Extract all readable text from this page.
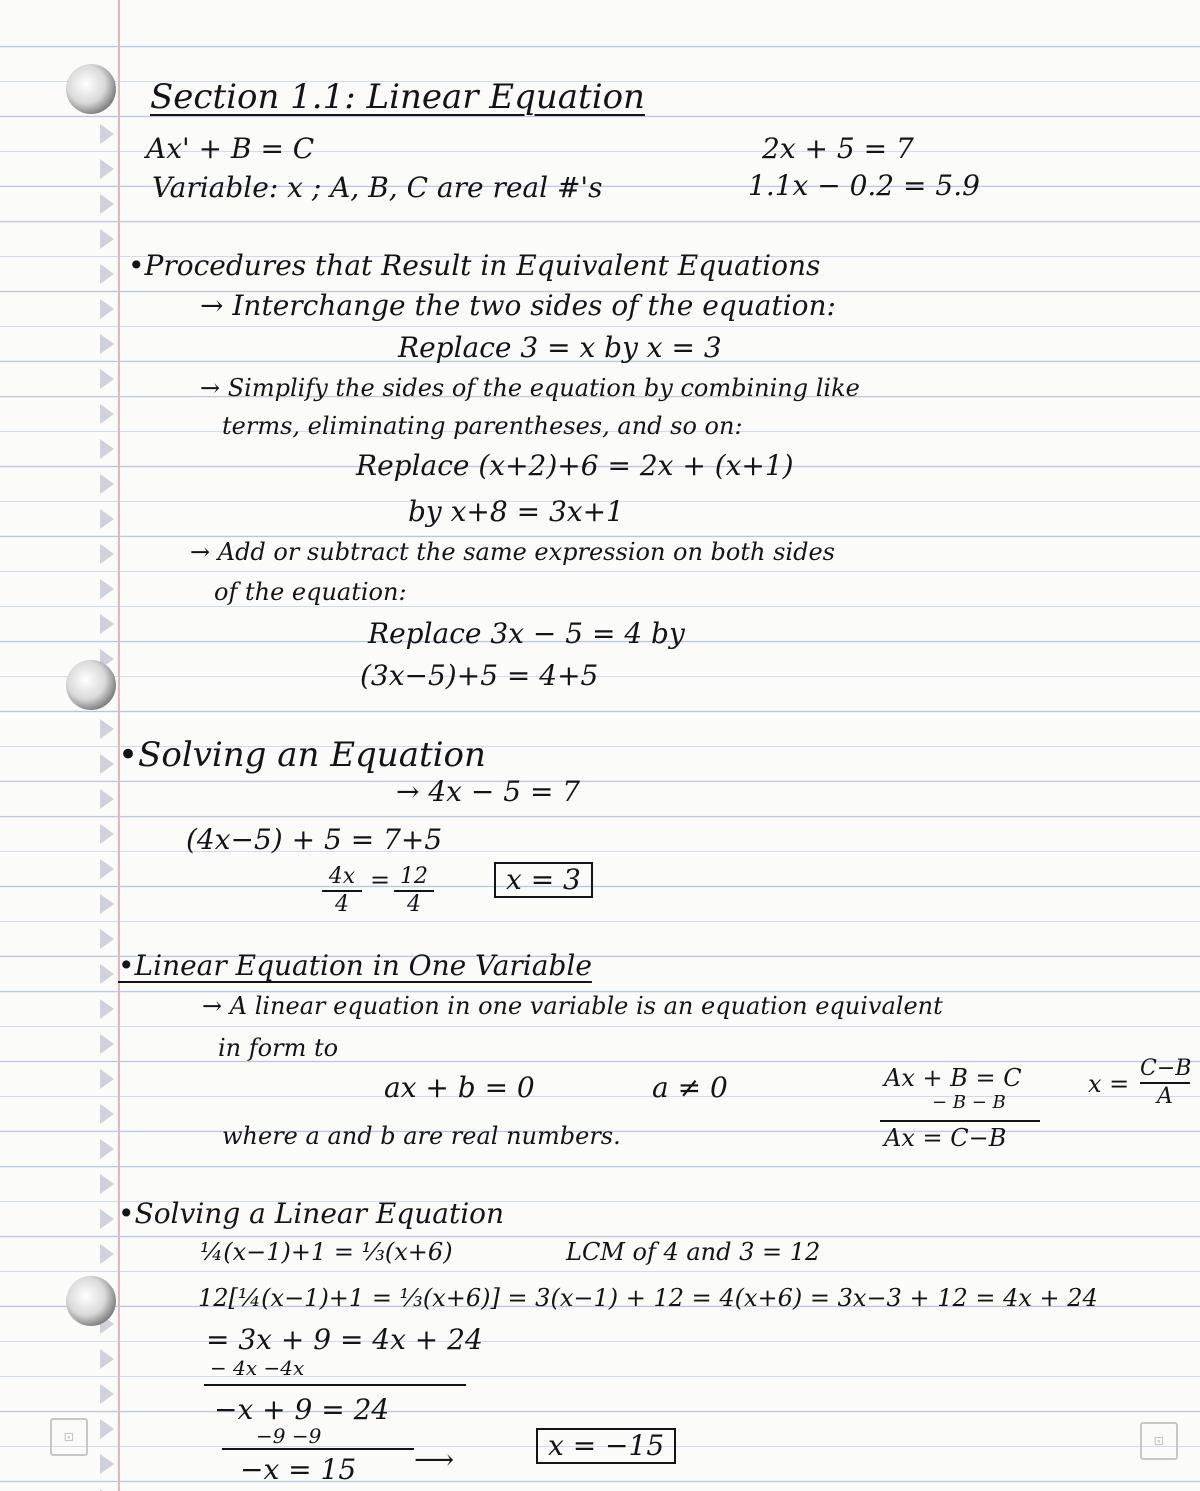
⊡	⊡
Section 1.1: Linear Equation
Ax' + B = C
Variable: x ; A, B, C are real #'s
2x + 5 = 7
1.1x − 0.2 = 5.9
•Procedures that Result in Equivalent Equations
→ Interchange the two sides of the equation:
Replace 3 = x by x = 3
→ Simplify the sides of the equation by combining like
terms, eliminating parentheses, and so on:
Replace (x+2)+6 = 2x + (x+1)
by x+8 = 3x+1
→ Add or subtract the same expression on both sides
of the equation:
Replace 3x − 5 = 4 by
(3x−5)+5 = 4+5
•Solving an Equation
→ 4x − 5 = 7
(4x−5) + 5 = 7+5
$\frac{4x}{4} = \frac{12}{4}$	x = 3
•Linear Equation in One Variable
→ A linear equation in one variable is an equation equivalent
in form to
ax + b = 0	a ≠ 0
where a and b are real numbers.
Ax + B = C
− B − B
Ax = C−B
$x = \frac{C-B}{A}$
•Solving a Linear Equation
¼(x−1)+1 = ⅓(x+6)	LCM of 4 and 3 = 12
12[¼(x−1)+1 = ⅓(x+6)] = 3(x−1) + 12 = 4(x+6) = 3x−3 + 12 = 4x + 24
= 3x + 9 = 4x + 24
− 4x −4x
−x + 9 = 24
−9 −9
−x = 15 ⟶	x = −15
